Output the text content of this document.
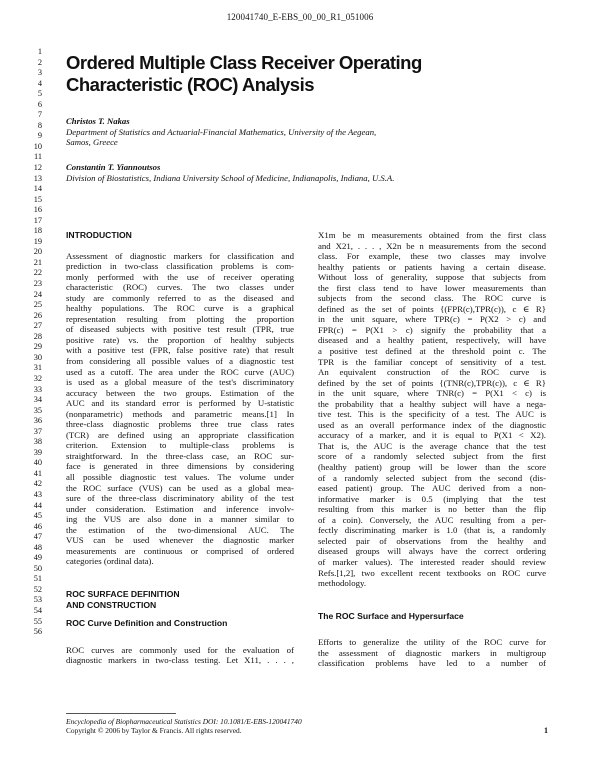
120041740_E-EBS_00_00_R1_051006
1
2
3
4
5
6
7
8
9
10
11
12
13
14
15
16
17
18
19
20
21
22
23
24
25
26
27
28
29
30
31
32
33
34
35
36
37
38
39
40
41
42
43
44
45
46
47
48
49
50
51
52
53
54
55
56
Ordered Multiple Class Receiver Operating
Characteristic (ROC) Analysis
Christos T. Nakas
Department of Statistics and Actuarial-Financial Mathematics, University of the Aegean,
Samos, Greece
Constantin T. Yiannoutsos
Division of Biostatistics, Indiana University School of Medicine, Indianapolis, Indiana, U.S.A.
INTRODUCTION

Assessment of diagnostic markers for classification and
prediction in two-class classification problems is com-
monly performed with the use of receiver operating
characteristic (ROC) curves. The two classes under
study are commonly referred to as the diseased and
healthy populations. The ROC curve is a graphical
representation resulting from plotting the proportion
of diseased subjects with positive test result (TPR, true
positive rate) vs. the proportion of healthy subjects
with a positive test (FPR, false positive rate) that result
from considering all possible values of a diagnostic test
used as a cutoff. The area under the ROC curve (AUC)
is used as a global measure of the test's discriminatory
accuracy between the two groups. Estimation of the
AUC and its standard error is performed by U-statistic
(nonparametric) methods and parametric means.[1] In
three-class diagnostic problems three true class rates
(TCR) are defined using an appropriate classification
criterion. Extension to multiple-class problems is
straightforward. In the three-class case, an ROC sur-
face is generated in three dimensions by considering
all possible diagnostic test values. The volume under
the ROC surface (VUS) can be used as a global mea-
sure of the three-class discriminatory ability of the test
under consideration. Estimation and inference involv-
ing the VUS are also done in a manner similar to
the estimation of the two-dimensional AUC. The
VUS can be used whenever the diagnostic marker
measurements are continuous or comprised of ordered
categories (ordinal data).

ROC SURFACE DEFINITION
AND CONSTRUCTION
ROC Curve Definition and Construction

ROC curves are commonly used for the evaluation of
diagnostic markers in two-class testing. Let X11, . . . ,

X1m be m measurements obtained from the first class
and X21, . . . , X2n be n measurements from the second
class. For example, these two classes may involve
healthy patients or patients having a certain disease.
Without loss of generality, suppose that subjects from
the first class tend to have lower measurements than
subjects from the second class. The ROC curve is
defined as the set of points {(FPR(c),TPR(c)), c ∈ R}
in the unit square, where TPR(c) = P(X2 > c) and
FPR(c) = P(X1 > c) signify the probability that a
diseased and a healthy patient, respectively, will have
a positive test defined at the threshold point c. The
TPR is the familiar concept of sensitivity of a test.
An equivalent construction of the ROC curve is
defined by the set of points {(TNR(c),TPR(c)), c ∈ R}
in the unit square, where TNR(c) = P(X1 < c) is
the probability that a healthy subject will have a nega-
tive test. This is the specificity of a test. The AUC is
used as an overall performance index of the diagnostic
accuracy of a marker, and it is equal to P(X1 < X2).
That is, the AUC is the average chance that the test
score of a randomly selected subject from the first
(healthy patient) group will be lower than the score
of a randomly selected subject from the second (dis-
eased patient) group. The AUC derived from a non-
informative marker is 0.5 (implying that the test
resulting from this marker is no better than the flip
of a coin). Conversely, the AUC resulting from a per-
fectly discriminating marker is 1.0 (that is, a randomly
selected pair of observations from the healthy and
diseased groups will always have the correct ordering
of marker values). The interested reader should review
Refs.[1,2], two excellent recent textbooks on ROC curve
methodology.

The ROC Surface and Hypersurface

Efforts to generalize the utility of the ROC curve for
the assessment of diagnostic markers in multigroup
classification problems have led to a number of

Encyclopedia of Biopharmaceutical Statistics DOI: 10.1081/E-EBS-120041740
Copyright © 2006 by Taylor & Francis. All rights reserved.	1
